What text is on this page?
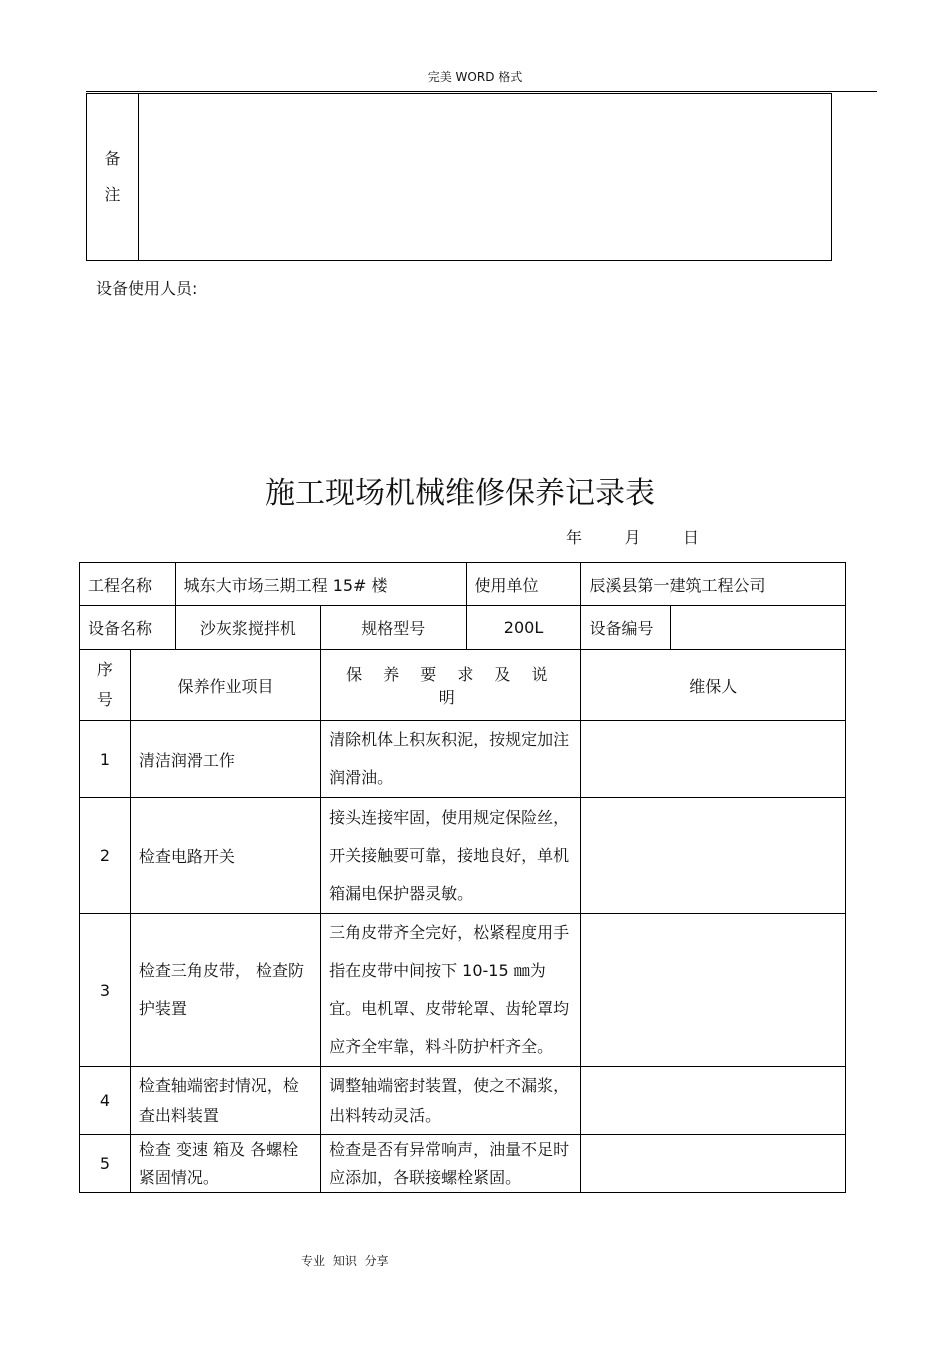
完美 WORD 格式
备
注
设备使用人员:
施工现场机械维修保养记录表
年      月      日
工程名称		城东大市场三期工程 15# 楼		使用单位	辰溪县第一建筑工程公司	
设备名称		沙灰浆搅拌机	规格型号	200L	设备编号	

序
号	保养作业项目		保 养 要 求 及 说 明		维保人	
1	清洁润滑工作		清除机体上积灰积泥，按规定加注润滑油。			
2	检查电路开关		接头连接牢固，使用规定保险丝，开关接触要可靠，接地良好，单机箱漏电保护器灵敏。			
3	检查三角皮带， 检查防护装置		三角皮带齐全完好，松紧程度用手指在皮带中间按下 10-15 ㎜为宜。电机罩、皮带轮罩、齿轮罩均应齐全牢靠，料斗防护杆齐全。			
4	检查轴端密封情况，检查出料装置		调整轴端密封装置，使之不漏浆，出料转动灵活。			
5	检查 变速 箱及 各螺栓紧固情况。		检查是否有异常响声，油量不足时应添加，各联接螺栓紧固。			
专业 知识 分享
